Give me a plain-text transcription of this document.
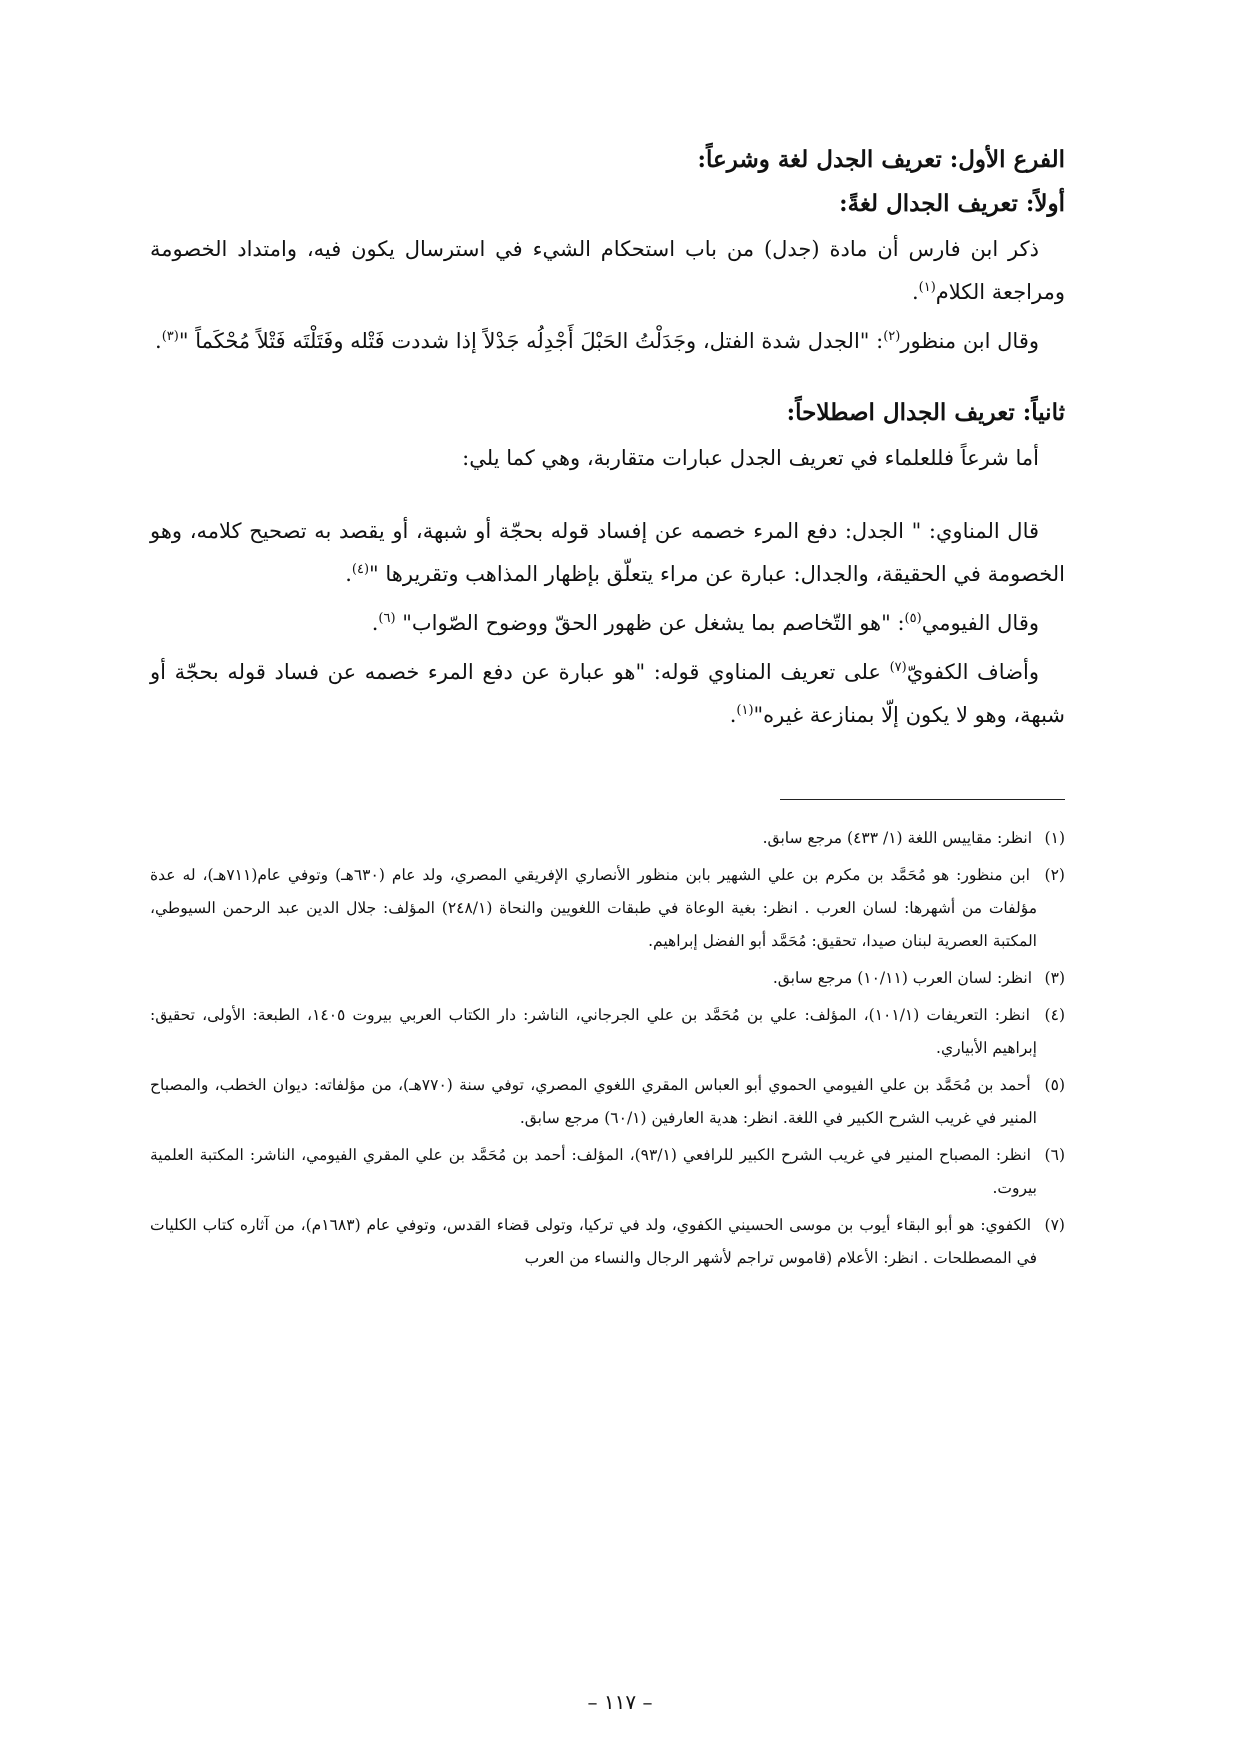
الفرع الأول: تعريف الجدل لغة وشرعاً:
أولاً: تعريف الجدال لغةً:

ذكر ابن فارس أن مادة (جدل) من باب استحكام الشيء في استرسال يكون فيه، وامتداد الخصومة ومراجعة الكلام$^{(١)}$.

وقال ابن منظور$^{(٢)}$: "الجدل شدة الفتل، وجَدَلْتُ الحَبْلَ أَجْدِلُه جَدْلاً إذا شددت فَتْله وفَتَلْتَه فَتْلاً مُحْكَماً "$^{(٣)}$.

ثانياً: تعريف الجدال اصطلاحاً:

أما شرعاً فللعلماء في تعريف الجدل عبارات متقاربة، وهي كما يلي:

قال المناوي: " الجدل: دفع المرء خصمه عن إفساد قوله بحجّة أو شبهة، أو يقصد به تصحيح كلامه، وهو الخصومة في الحقيقة، والجدال: عبارة عن مراء يتعلّق بإظهار المذاهب وتقريرها "$^{(٤)}$.

وقال الفيومي$^{(٥)}$: "هو التّخاصم بما يشغل عن ظهور الحقّ ووضوح الصّواب" $^{(٦)}$.

وأضاف الكفويّ$^{(٧)}$ على تعريف المناوي قوله: "هو عبارة عن دفع المرء خصمه عن فساد قوله بحجّة أو شبهة، وهو لا يكون إلّا بمنازعة غيره"$^{(١)}$.

(١) انظر: مقاييس اللغة (١/ ٤٣٣) مرجع سابق.

(٢) ابن منظور: هو مُحَمَّد بن مكرم بن علي الشهير بابن منظور الأنصاري الإفريقي المصري، ولد عام (٦٣٠هـ) وتوفي عام(٧١١هـ)، له عدة مؤلفات من أشهرها: لسان العرب . انظر: بغية الوعاة في طبقات اللغويين والنحاة (٢٤٨/١) المؤلف: جلال الدين عبد الرحمن السيوطي، المكتبة العصرية لبنان صيدا، تحقيق: مُحَمَّد أبو الفضل إبراهيم.

(٣) انظر: لسان العرب (١٠/١١) مرجع سابق.

(٤) انظر: التعريفات (١٠١/١)، المؤلف: علي بن مُحَمَّد بن علي الجرجاني، الناشر: دار الكتاب العربي بيروت ١٤٠٥، الطبعة: الأولى، تحقيق: إبراهيم الأبياري.

(٥) أحمد بن مُحَمَّد بن علي الفيومي الحموي أبو العباس المقري اللغوي المصري، توفي سنة (٧٧٠هـ)، من مؤلفاته: ديوان الخطب، والمصباح المنير في غريب الشرح الكبير في اللغة. انظر: هدية العارفين (٦٠/١) مرجع سابق.

(٦) انظر: المصباح المنير في غريب الشرح الكبير للرافعي (٩٣/١)، المؤلف: أحمد بن مُحَمَّد بن علي المقري الفيومي، الناشر: المكتبة العلمية بيروت.

(٧) الكفوي: هو أبو البقاء أيوب بن موسى الحسيني الكفوي، ولد في تركيا، وتولى قضاء القدس، وتوفي عام (١٦٨٣م)، من آثاره كتاب الكليات في المصطلحات . انظر: الأعلام (قاموس تراجم لأشهر الرجال والنساء من العرب

– ١١٧ –
